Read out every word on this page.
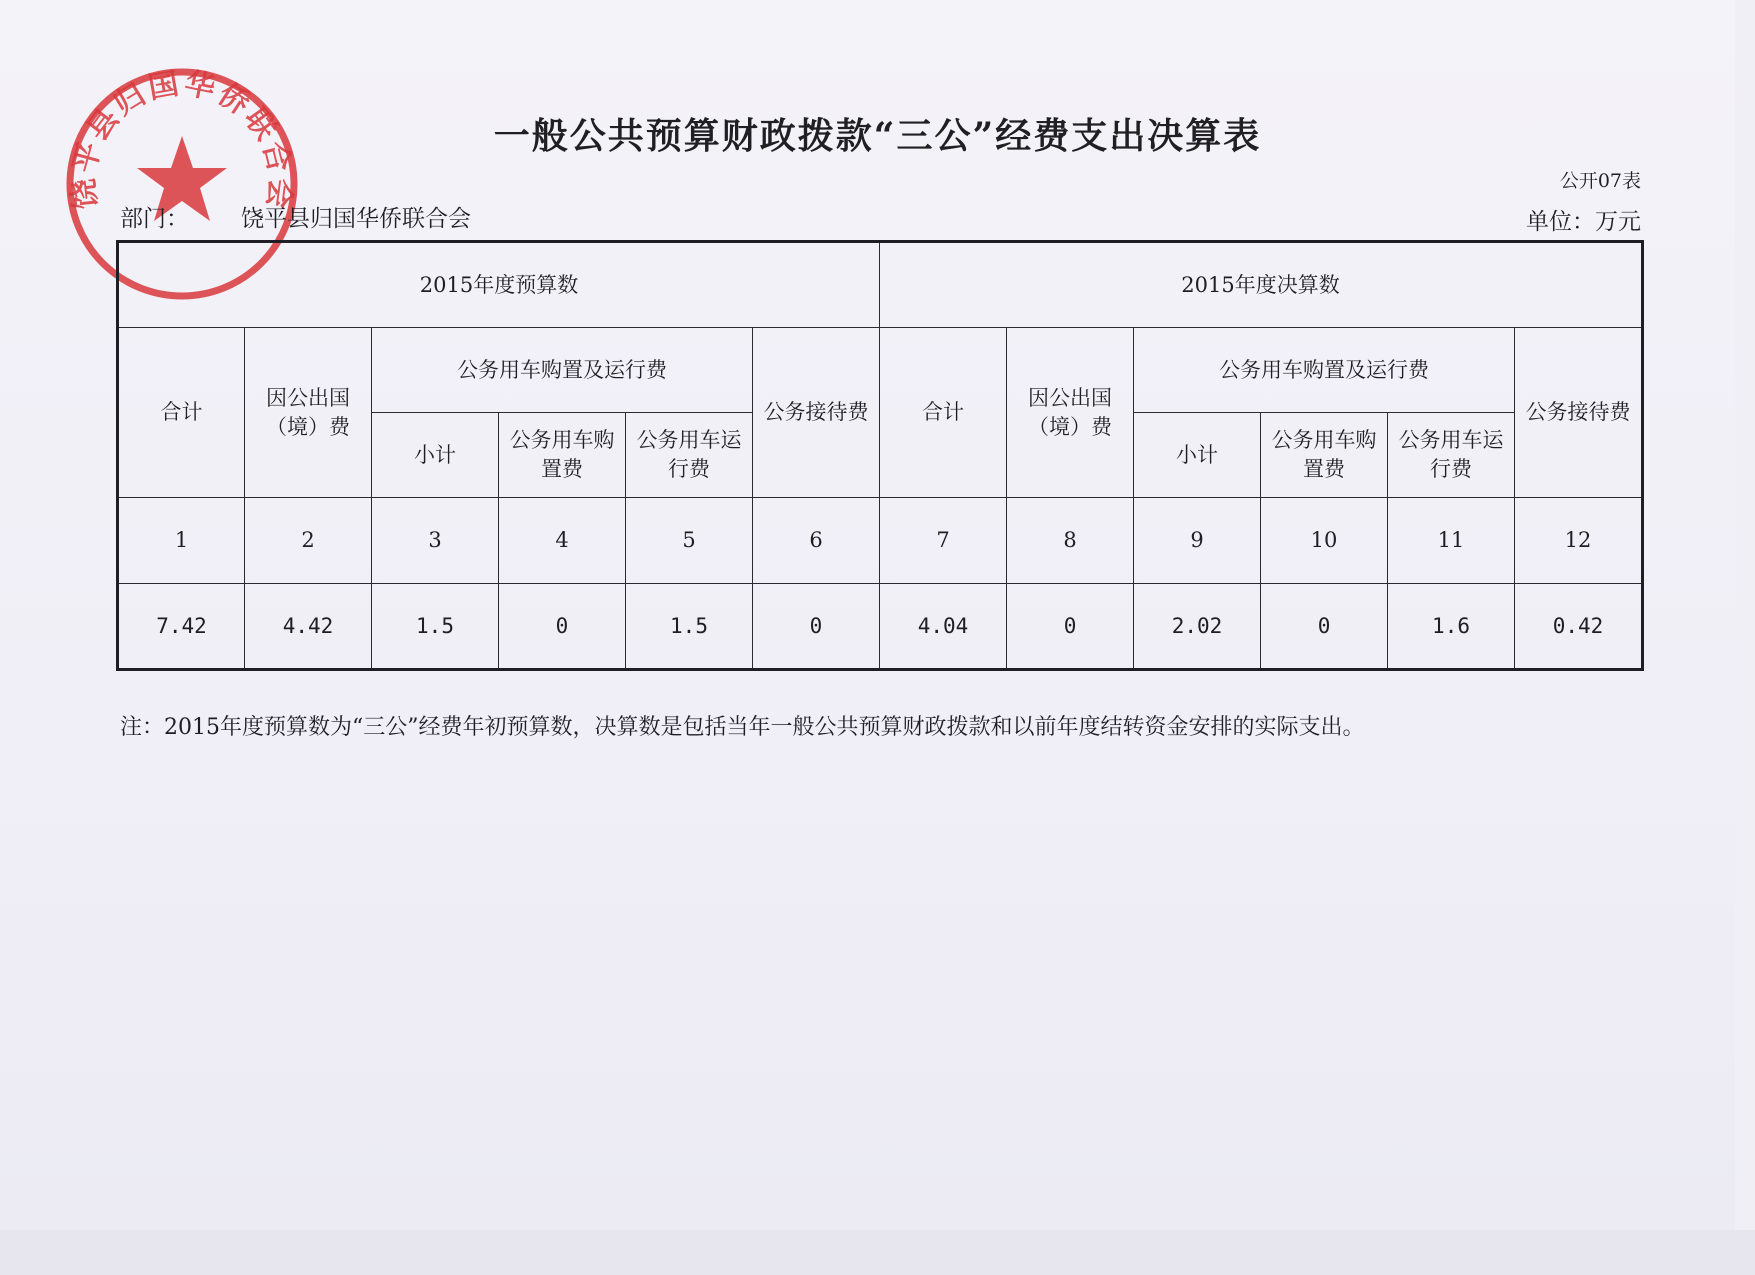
饶平县归国华侨联合会
一般公共预算财政拨款“三公”经费支出决算表
公开07表
部门： 饶平县归国华侨联合会	单位：万元
2015年度预算数						2015年度决算数					
合计	因公出国（境）费	公务用车购置及运行费			公务接待费	合计	因公出国（境）费	公务用车购置及运行费			公务接待费
		小计	公务用车购置费	公务用车运行费				小计	公务用车购置费	公务用车运行费	
1	2	3	4	5	6	7	8	9	10	11	12
7.42	4.42	1.5	0	1.5	0	4.04	0	2.02	0	1.6	0.42
注：2015年度预算数为“三公”经费年初预算数，决算数是包括当年一般公共预算财政拨款和以前年度结转资金安排的实际支出。
